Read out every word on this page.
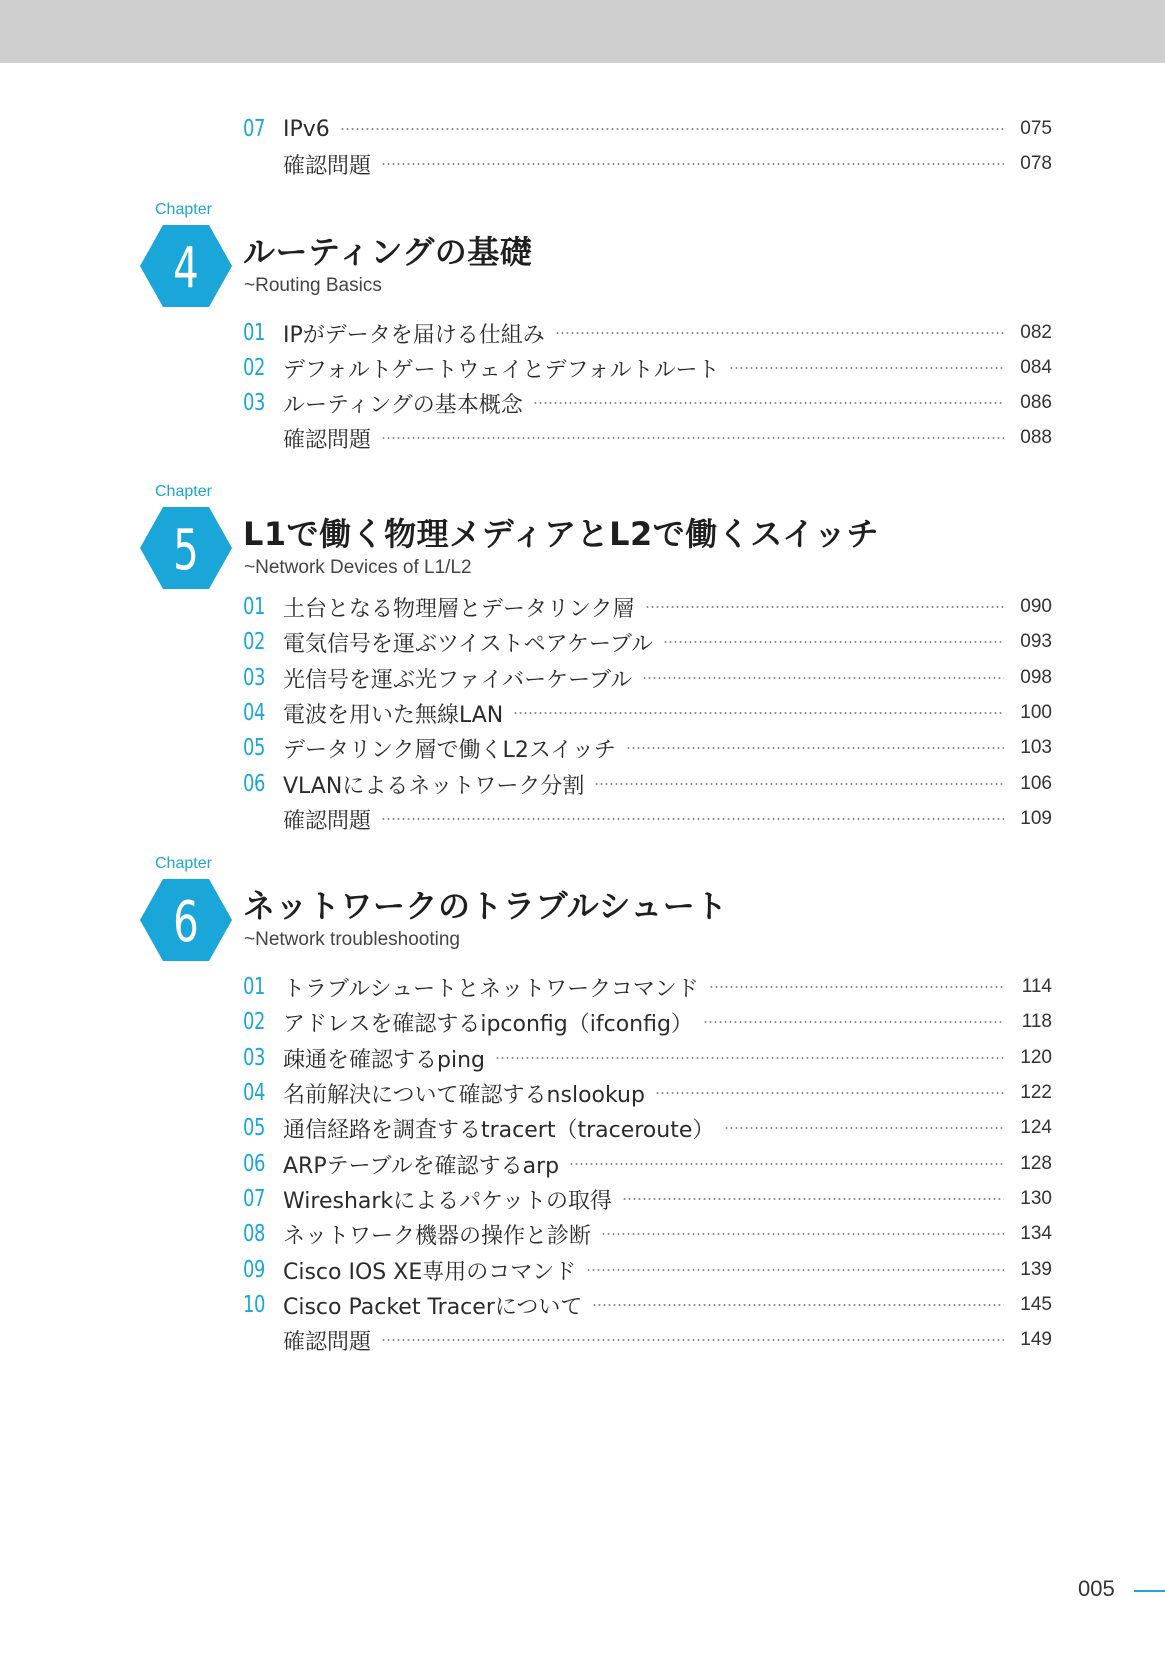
07 IPv6	075
確認問題	078
Chapter
4 ルーティングの基礎
~Routing Basics
01 IPがデータを届ける仕組み	082
02 デフォルトゲートウェイとデフォルトルート	084
03 ルーティングの基本概念	086
確認問題	088
Chapter
5 L1で働く物理メディアとL2で働くスイッチ
~Network Devices of L1/L2
01 土台となる物理層とデータリンク層	090
02 電気信号を運ぶツイストペアケーブル	093
03 光信号を運ぶ光ファイバーケーブル	098
04 電波を用いた無線LAN	100
05 データリンク層で働くL2スイッチ	103
06 VLANによるネットワーク分割	106
確認問題	109
Chapter
6 ネットワークのトラブルシュート
~Network troubleshooting
01 トラブルシュートとネットワークコマンド	114
02 アドレスを確認するipconfig（ifconfig）	118
03 疎通を確認するping	120
04 名前解決について確認するnslookup	122
05 通信経路を調査するtracert（traceroute）	124
06 ARPテーブルを確認するarp	128
07 Wiresharkによるパケットの取得	130
08 ネットワーク機器の操作と診断	134
09 Cisco IOS XE専用のコマンド	139
10 Cisco Packet Tracerについて	145
確認問題	149
005
